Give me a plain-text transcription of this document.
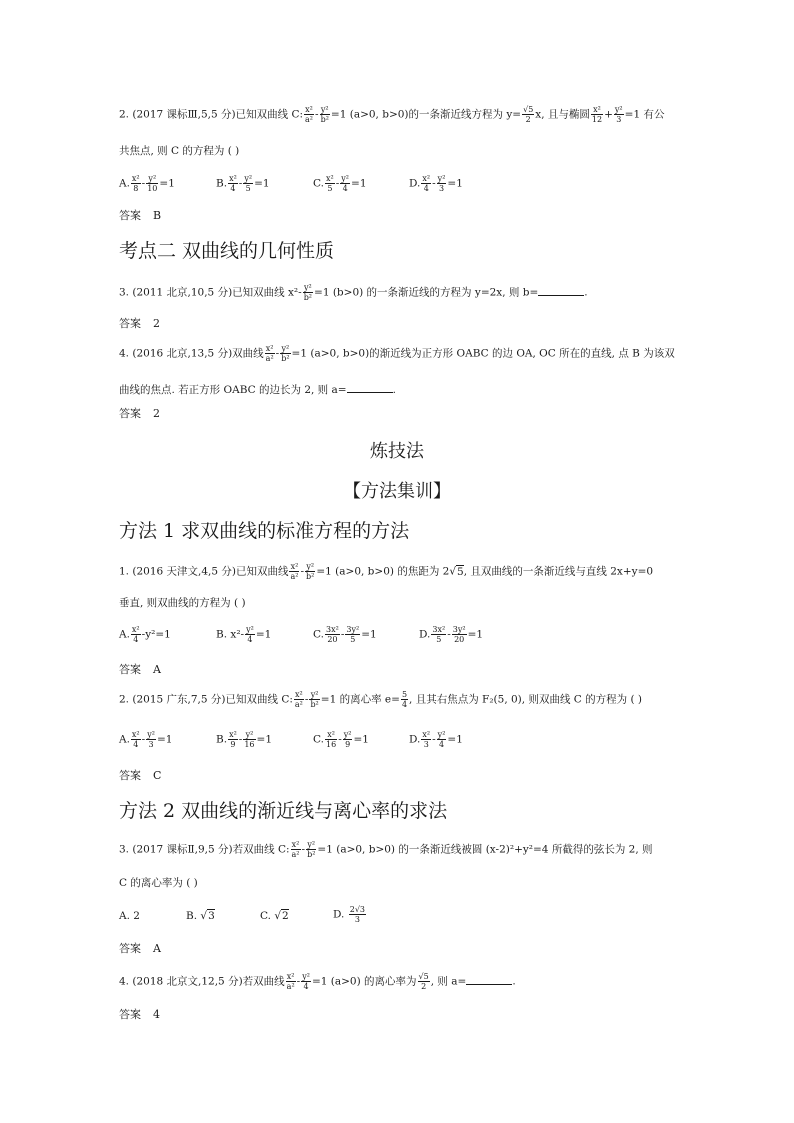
2. (2017 课标Ⅲ,5,5 分)已知双曲线 C: $\frac{\text{x²}}{\text{a²}} - \frac{\text{y²}}{\text{b²}} =1$ (a>0, b>0)的一条渐近线方程为 $y= \frac{√5}{2} x$, 且与椭圆 $\frac{\text{x²}}{12} + \frac{\text{y²}}{3} =1$ 有公
共焦点, 则 C 的方程为 ( )
A. $\frac{\text{x²}}{8} - \frac{\text{y²}}{10} =1$	B. $\frac{\text{x²}}{4} - \frac{\text{y²}}{5} =1$	C. $\frac{\text{x²}}{5} - \frac{\text{y²}}{4} =1$	D. $\frac{\text{x²}}{4} - \frac{\text{y²}}{3} =1$
答案 B
考点二 双曲线的几何性质
3. (2011 北京,10,5 分)已知双曲线 $x^2- \frac{\text{y²}}{\text{b²}} =1$ (b>0) 的一条渐近线的方程为 y=2x, 则 b=	.
答案 2
4. (2016 北京,13,5 分)双曲线 $\frac{\text{x²}}{\text{a²}} - \frac{\text{y²}}{\text{b²}} =1$ (a>0, b>0)的渐近线为正方形 OABC 的边 OA, OC 所在的直线, 点 B 为该双
曲线的焦点. 若正方形 OABC 的边长为 2, 则 a=	.
答案 2
炼技法
【方法集训】
方法 1 求双曲线的标准方程的方法
1. (2016 天津文,4,5 分)已知双曲线 $\frac{\text{x²}}{\text{a²}} - \frac{\text{y²}}{\text{b²}} =1$ (a>0, b>0) 的焦距为 2√5, 且双曲线的一条渐近线与直线 2x+y=0
垂直, 则双曲线的方程为 ( )
A. $\frac{\text{x²}}{4} -y^2=1$	B. $x^2- \frac{\text{y²}}{4} =1$	C. $\frac{\text{3x²}}{20} - \frac{\text{3y²}}{5} =1$	D. $\frac{\text{3x²}}{5} - \frac{\text{3y²}}{20} =1$
答案 A
2. (2015 广东,7,5 分)已知双曲线 C: $\frac{\text{x²}}{\text{a²}} - \frac{\text{y²}}{\text{b²}} =1$ 的离心率 $e= \frac{5}{4}$ , 且其右焦点为 F₂(5, 0), 则双曲线 C 的方程为 ( )
A. $\frac{\text{x²}}{4} - \frac{\text{y²}}{3} =1$	B. $\frac{\text{x²}}{9} - \frac{\text{y²}}{16} =1$	C. $\frac{\text{x²}}{16} - \frac{\text{y²}}{9} =1$	D. $\frac{\text{x²}}{3} - \frac{\text{y²}}{4} =1$
答案 C
方法 2 双曲线的渐近线与离心率的求法
3. (2017 课标Ⅱ,9,5 分)若双曲线 C: $\frac{\text{x²}}{\text{a²}} - \frac{\text{y²}}{\text{b²}} =1$ (a>0, b>0) 的一条渐近线被圆 (x-2)²+y²=4 所截得的弦长为 2, 则
C 的离心率为 ( )
A. 2	B. √3	C. √2	D. $\frac{2√3}{3}$
答案 A
4. (2018 北京文,12,5 分)若双曲线 $\frac{\text{x²}}{\text{a²}} - \frac{\text{y²}}{4} =1$ (a>0) 的离心率为 $\frac{√5}{2}$ , 则 a=	.
答案 4
